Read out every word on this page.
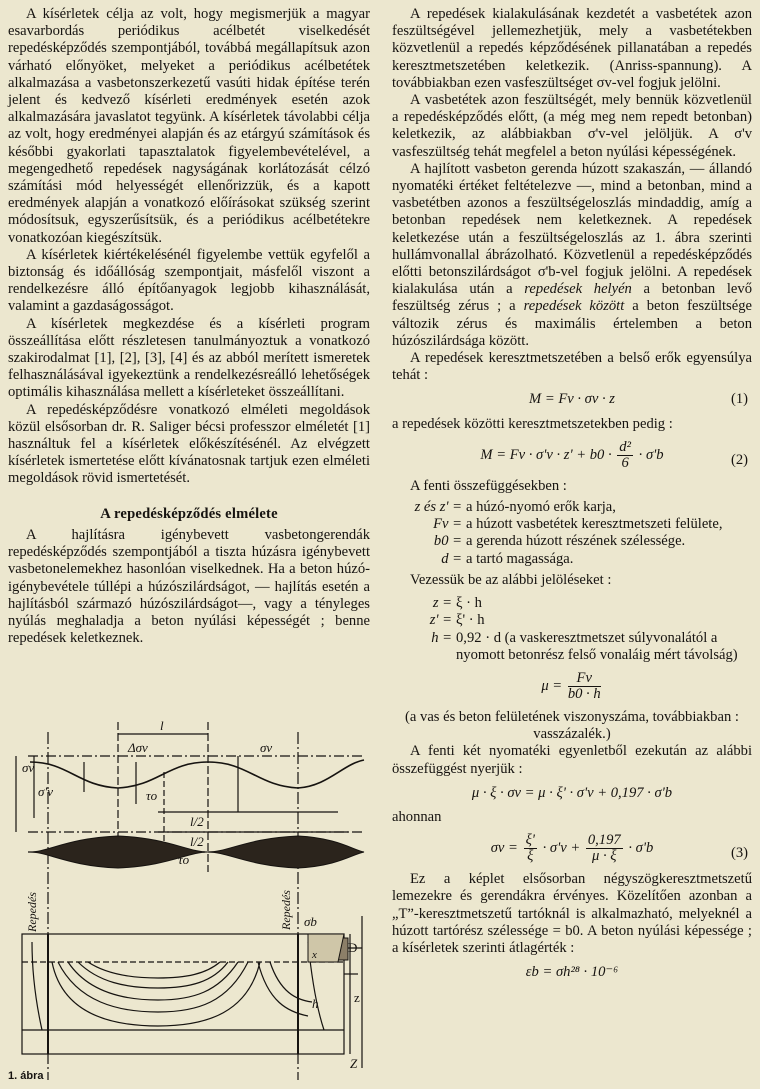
A kísérletek célja az volt, hogy megismerjük a magyar esavarbordás periódikus acélbetét viselkedését repedésképződés szempontjából, továbbá megállapítsuk azon várható előnyöket, melyeket a periódikus acélbetétek alkalmazása a vasbetonszerkezetű vasúti hidak építése terén jelent és kedvező kísérleti eredmények esetén azok alkalmazására javaslatot tegyünk. A kísérletek távolabbi célja az volt, hogy eredményei alapján és az etárgyú számítások és későbbi gyakorlati tapasztalatok figyelembevételével, a megengedhető repedések nagyságának korlátozását célzó számítási mód helyességét ellenőrizzük, és a kapott eredmények alapján a vonatkozó előírásokat szükség szerint módosítsuk, egyszerűsítsük, és a periódikus acélbetétekre vonatkozóan kiegészítsük.

A kísérletek kiértékelésénél figyelembe vettük egyfelől a biztonság és időállóság szempontjait, másfelől viszont a rendelkezésre álló építőanyagok legjobb kihasználását, valamint a gazdaságosságot.

A kísérletek megkezdése és a kísérleti program összeállítása előtt részletesen tanulmányoztuk a vonatkozó szakirodalmat [1], [2], [3], [4] és az abból merített ismeretek felhasználásával igyekeztünk a rendelkezésreálló lehetőségek optimális kihasználása mellett a kísérleteket összeállítani.

A repedésképződésre vonatkozó elméleti megoldások közül elsősorban dr. R. Saliger bécsi professzor elméletét [1] használtuk fel a kísérletek előkészítésénél. Az elvégzett kísérletek ismertetése előtt kívánatosnak tartjuk ezen elméleti megoldások rövid ismertetését.

A repedésképződés elmélete

A hajlításra igénybevett vasbetongerendák repedésképződés szempontjából a tiszta húzásra igénybevett vasbetonelemekhez hasonlóan viselkednek. Ha a beton húzó-igénybevétele túllépi a húzószilárdságot, — hajlítás esetén a hajlításból származó húzószilárdságot—, vagy a tényleges nyúlás meghaladja a beton nyúlási képességét ; benne repedések keletkeznek.

l
σv
σ'v
Δσv	σv
l/2
l/2
τo
τo
σb
D
Z
z
x
h
Repedés	Repedés
1. ábra

A repedések kialakulásának kezdetét a vasbetétek azon feszültségével jellemezhetjük, mely a vasbetétekben közvetlenül a repedés képződésének pillanatában a repedés keresztmetszetében keletkezik. (Anriss-spannung). A továbbiakban ezen vasfeszültséget σv-vel fogjuk jelölni.

A vasbetétek azon feszültségét, mely bennük közvetlenül a repedésképződés előtt, (a még meg nem repedt betonban) keletkezik, az alábbiakban σ'v-vel jelöljük. A σ'v vasfeszültség tehát megfelel a beton nyúlási képességének.

A hajlított vasbeton gerenda húzott szakaszán, — állandó nyomatéki értéket feltételezve —, mind a betonban, mind a vasbetétben azonos a feszültségeloszlás mindaddig, amíg a betonban repedések nem keletkeznek. A repedések keletkezése után a feszültségeloszlás az 1. ábra szerinti hullámvonallal ábrázolható. Közvetlenül a repedésképződés előtti betonszilárdságot σ'b-vel fogjuk jelölni. A repedések kialakulása után a repedések helyén a betonban levő feszültség zérus ; a repedések között a beton feszültsége változik zérus és maximális értelemben a beton húzószilárdsága között.

A repedések keresztmetszetében a belső erők egyensúlya tehát :

M = Fv · σv · z	(1)

a repedések közötti keresztmetszetekben pedig :

$M = Fv \cdot \sigma'v \cdot z' + b0 \cdot \frac{\text{d²}}{6} \cdot \sigma'b$	(2)

A fenti összefüggésekben :

z és z' = a húzó-nyomó erők karja,
Fv = a húzott vasbetétek keresztmetszeti felülete,
b0 = a gerenda húzott részének szélessége.
d = a tartó magassága.

Vezessük be az alábbi jelöléseket :

z = ξ · h
z' = ξ' · h
h = 0,92 · d (a vaskeresztmetszet súlyvonalától a nyomott betonrész felső vonaláig mért távolság)
$\mu = \frac{Fv}{b0 \cdot h}$

(a vas és beton felületének viszonyszáma, továbbiakban : vasszázalék.)

A fenti két nyomatéki egyenletből ezekután az alábbi összefüggést nyerjük :

μ · ξ · σv = μ · ξ' · σ'v + 0,197 · σ'b

ahonnan

$\sigma v = \frac{\xi'}{\xi} \cdot \sigma'v + \frac{0,197}{\mu \cdot \xi} \cdot \sigma'b$	(3)

Ez a képlet elsősorban négyszögkeresztmetszetű lemezekre és gerendákra érvényes. Közelítően azonban a „T”-keresztmetszetű tartóknál is alkalmazható, melyeknél a húzott tartórész szélessége = b0. A beton nyúlási képessége ; a kísérletek szerinti átlagérték :

εb = σh²⁸ · 10⁻⁶
